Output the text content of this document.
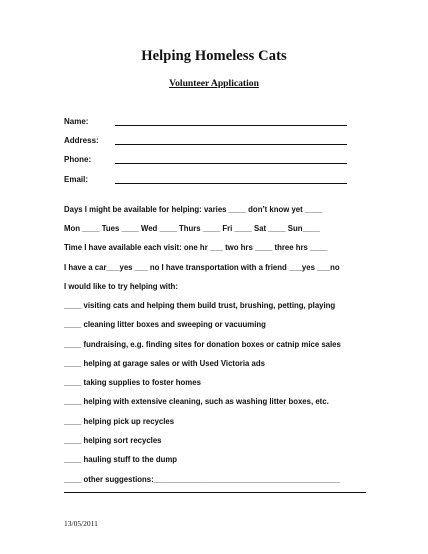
Helping Homeless Cats
Volunteer Application
Name:
Address:
Phone:
Email:
Days I might be available for helping: varies ____ don’t know yet ____
Mon ____ Tues ____ Wed ____ Thurs ____ Fri ____ Sat ____ Sun____
Time I have available each visit: one hr ___ two hrs ____ three hrs ____
I have a car___yes ___ no I have transportation with a friend ___yes ___no
I would like to try helping with:
____ visiting cats and helping them build trust, brushing, petting, playing
____ cleaning litter boxes and sweeping or vacuuming
____ fundraising, e.g. finding sites for donation boxes or catnip mice sales
____ helping at garage sales or with Used Victoria ads
____ taking supplies to foster homes
____ helping with extensive cleaning, such as washing litter boxes, etc.
____ helping pick up recycles
____ helping sort recycles
____ hauling stuff to the dump
____ other suggestions:___________________________________________
13/05/2011
